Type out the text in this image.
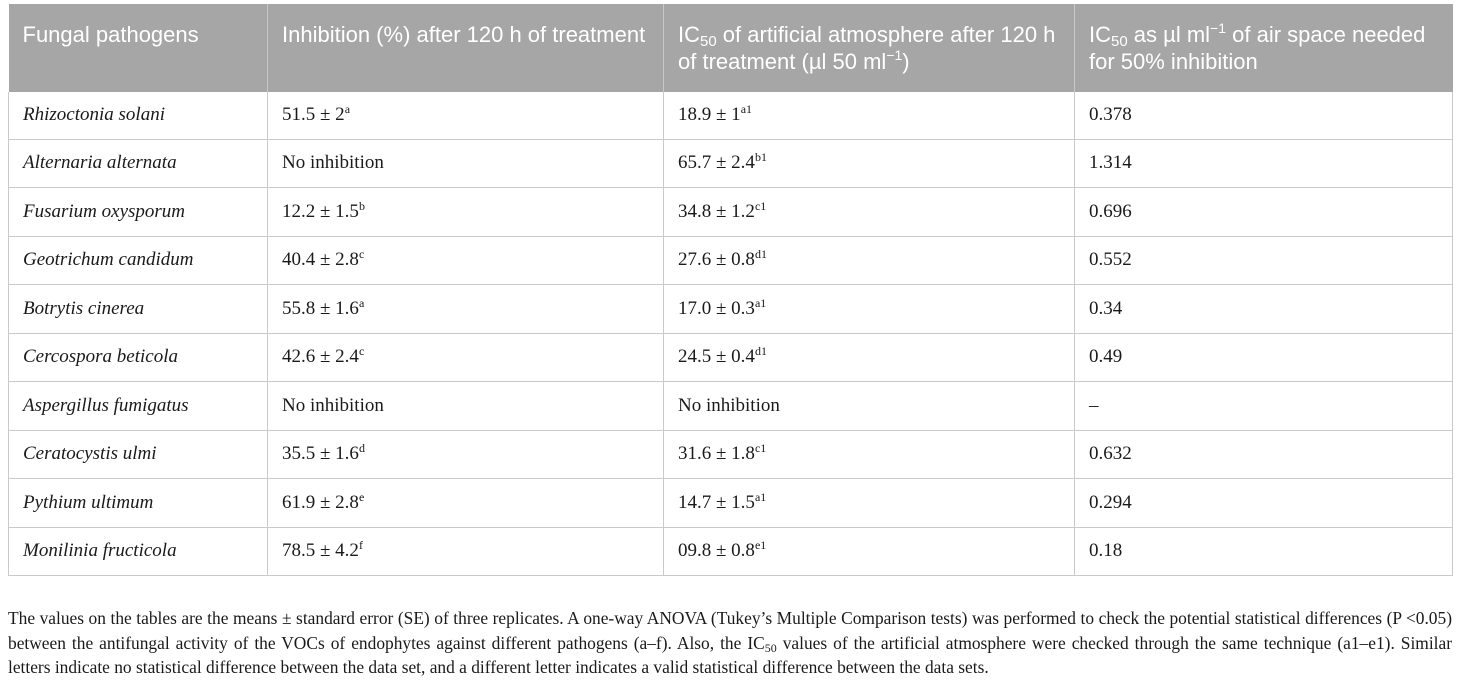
Fungal pathogens	Inhibition (%) after 120 h of treatment	$IC_{50}$ of artificial atmosphere after 120 h of treatment (µl 50 $ml^{-1}$)	$IC_{50}$ as µl $ml^{-1}$ of air space needed for 50% inhibition
Rhizoctonia solani	$51.5 \pm 2^a$	$18.9 \pm 1^{a1}$	0.378
Alternaria alternata	No inhibition	$65.7 \pm 2.4^{b1}$	1.314
Fusarium oxysporum	12.2 ± 1.5$^b$	$34.8 \pm 1.2^{c1}$	0.696
Geotrichum candidum	40.4 ± 2.8$^c$	$27.6 \pm 0.8^{d1}$	0.552
Botrytis cinerea	55.8 ± 1.6$^a$	$17.0 \pm 0.3^{a1}$	0.34
Cercospora beticola	42.6 ± 2.4$^c$	$24.5 \pm 0.4^{d1}$	0.49
Aspergillus fumigatus	No inhibition	No inhibition	–
Ceratocystis ulmi	35.5 ± 1.6$^d$	$31.6 \pm 1.8^{c1}$	0.632
Pythium ultimum	61.9 ± 2.8$^e$	$14.7 \pm 1.5^{a1}$	0.294
Monilinia fructicola	78.5 ± 4.2$^f$	$09.8 \pm 0.8^{e1}$	0.18
The values on the tables are the means ± standard error (SE) of three replicates. A one-way ANOVA (Tukey’s Multiple Comparison tests) was performed to check the potential statistical differences (P <0.05) between the antifungal activity of the VOCs of endophytes against different pathogens (a–f). Also, the $IC_{50}$ values of the artificial atmosphere were checked through the same technique (a1–e1). Similar letters indicate no statistical difference between the data set, and a different letter indicates a valid statistical difference between the data sets.
